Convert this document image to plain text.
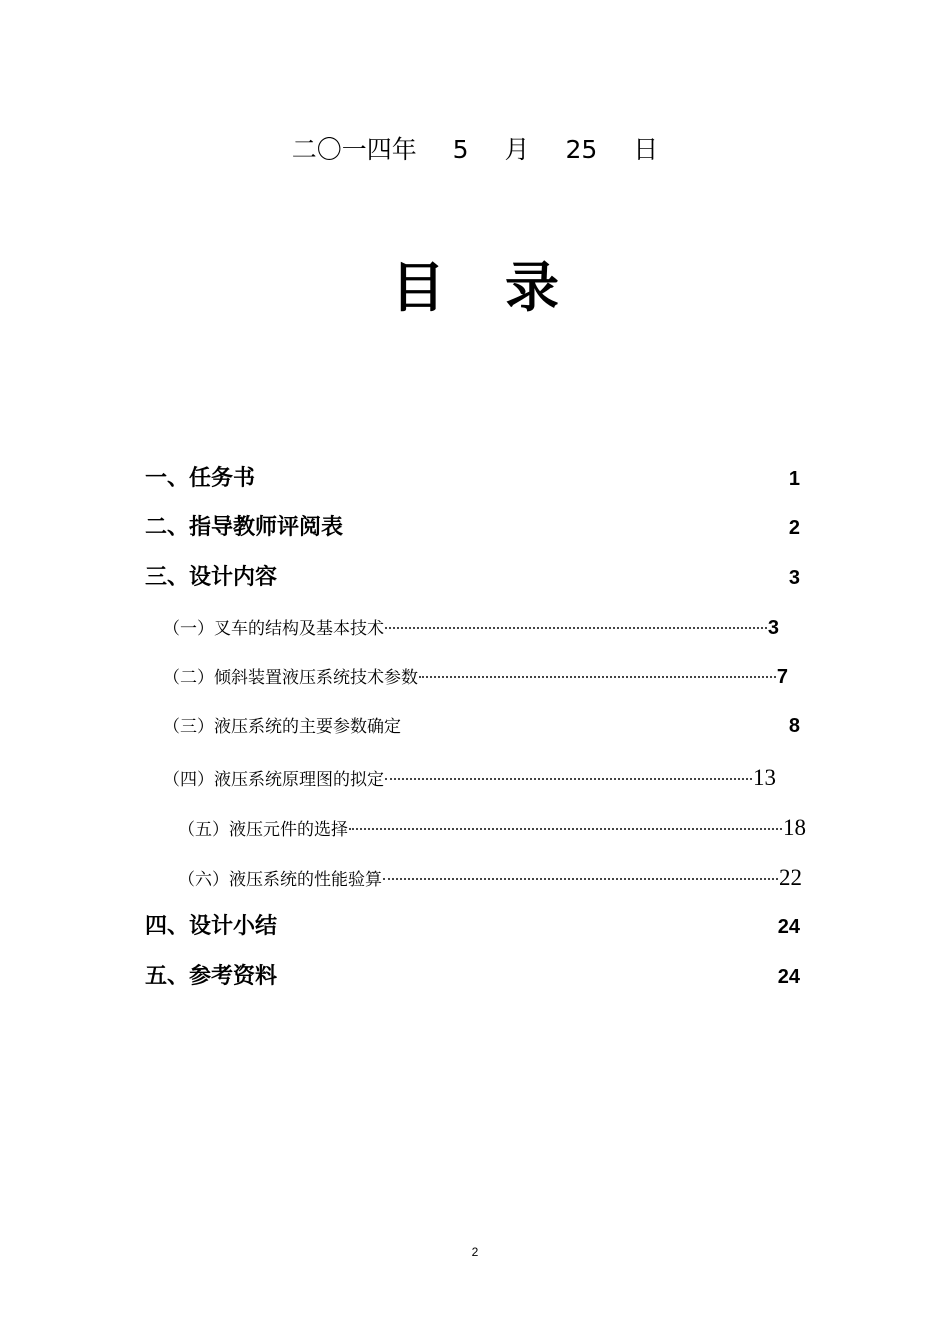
二〇一四年 5 月 25 日
目 录
一、任务书	1
二、指导教师评阅表	2
三、设计内容	3
（一）叉车的结构及基本技术	3
（二）倾斜装置液压系统技术参数	7
（三）液压系统的主要参数确定	8
（四）液压系统原理图的拟定	13
（五）液压元件的选择	18
（六）液压系统的性能验算	22
四、设计小结	24
五、参考资料	24
2
